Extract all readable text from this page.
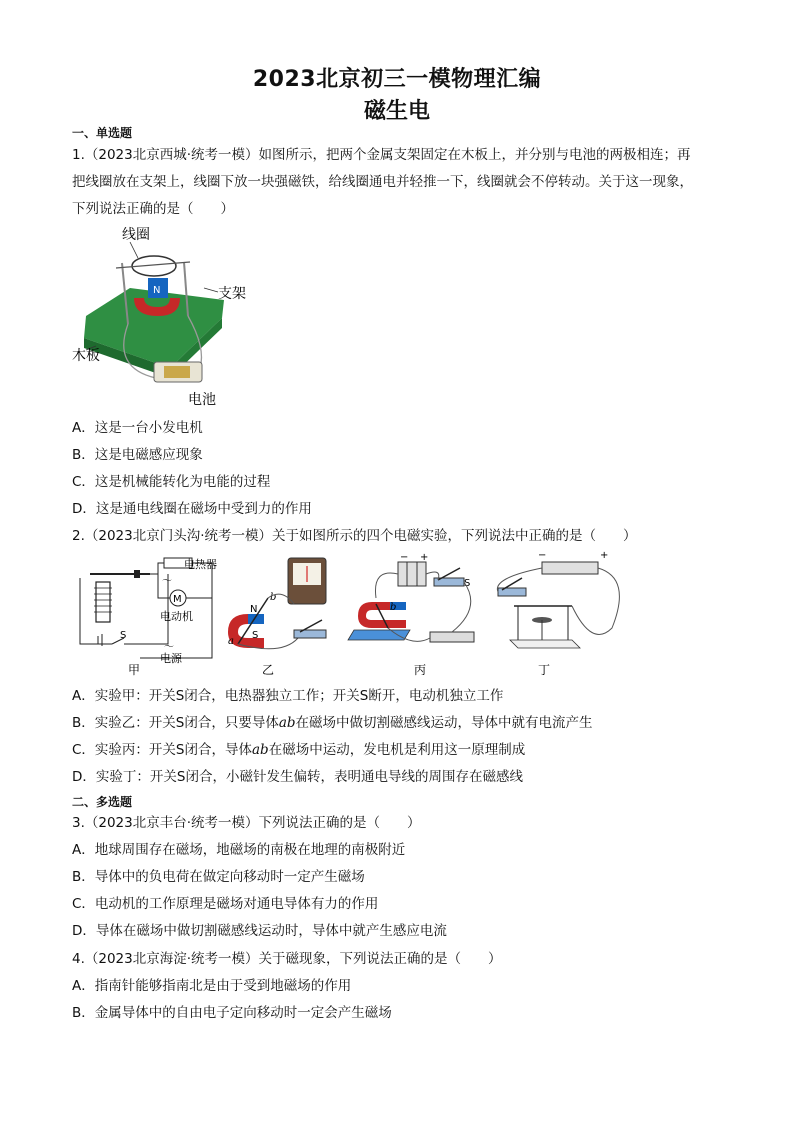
2023北京初三一模物理汇编
磁生电
一、单选题
1.（2023北京西城·统考一模）如图所示，把两个金属支架固定在木板上，并分别与电池的两极相连；再
把线圈放在支架上，线圈下放一块强磁铁，给线圈通电并轻推一下，线圈就会不停转动。关于这一现象，
下列说法正确的是（　　）
N
线圈
支架
木板
电池
A．这是一台小发电机
B．这是电磁感应现象
C．这是机械能转化为电能的过程
D．这是通电线圈在磁场中受到力的作用
2.（2023北京门头沟·统考一模）关于如图所示的四个电磁实验，下列说法中正确的是（　　）
S
M
～
电热器
电动机
～
电源
甲
N
S
a
b
乙
− +
b
S
丙
−	+
丁
A．实验甲：开关S闭合，电热器独立工作；开关S断开，电动机独立工作
B．实验乙：开关S闭合，只要导体ab在磁场中做切割磁感线运动，导体中就有电流产生
C．实验丙：开关S闭合，导体ab在磁场中运动，发电机是利用这一原理制成
D．实验丁：开关S闭合，小磁针发生偏转，表明通电导线的周围存在磁感线
二、多选题
3.（2023北京丰台·统考一模）下列说法正确的是（　　）
A．地球周围存在磁场，地磁场的南极在地理的南极附近
B．导体中的负电荷在做定向移动时一定产生磁场
C．电动机的工作原理是磁场对通电导体有力的作用
D．导体在磁场中做切割磁感线运动时，导体中就产生感应电流
4.（2023北京海淀·统考一模）关于磁现象，下列说法正确的是（　　）
A．指南针能够指南北是由于受到地磁场的作用
B．金属导体中的自由电子定向移动时一定会产生磁场
